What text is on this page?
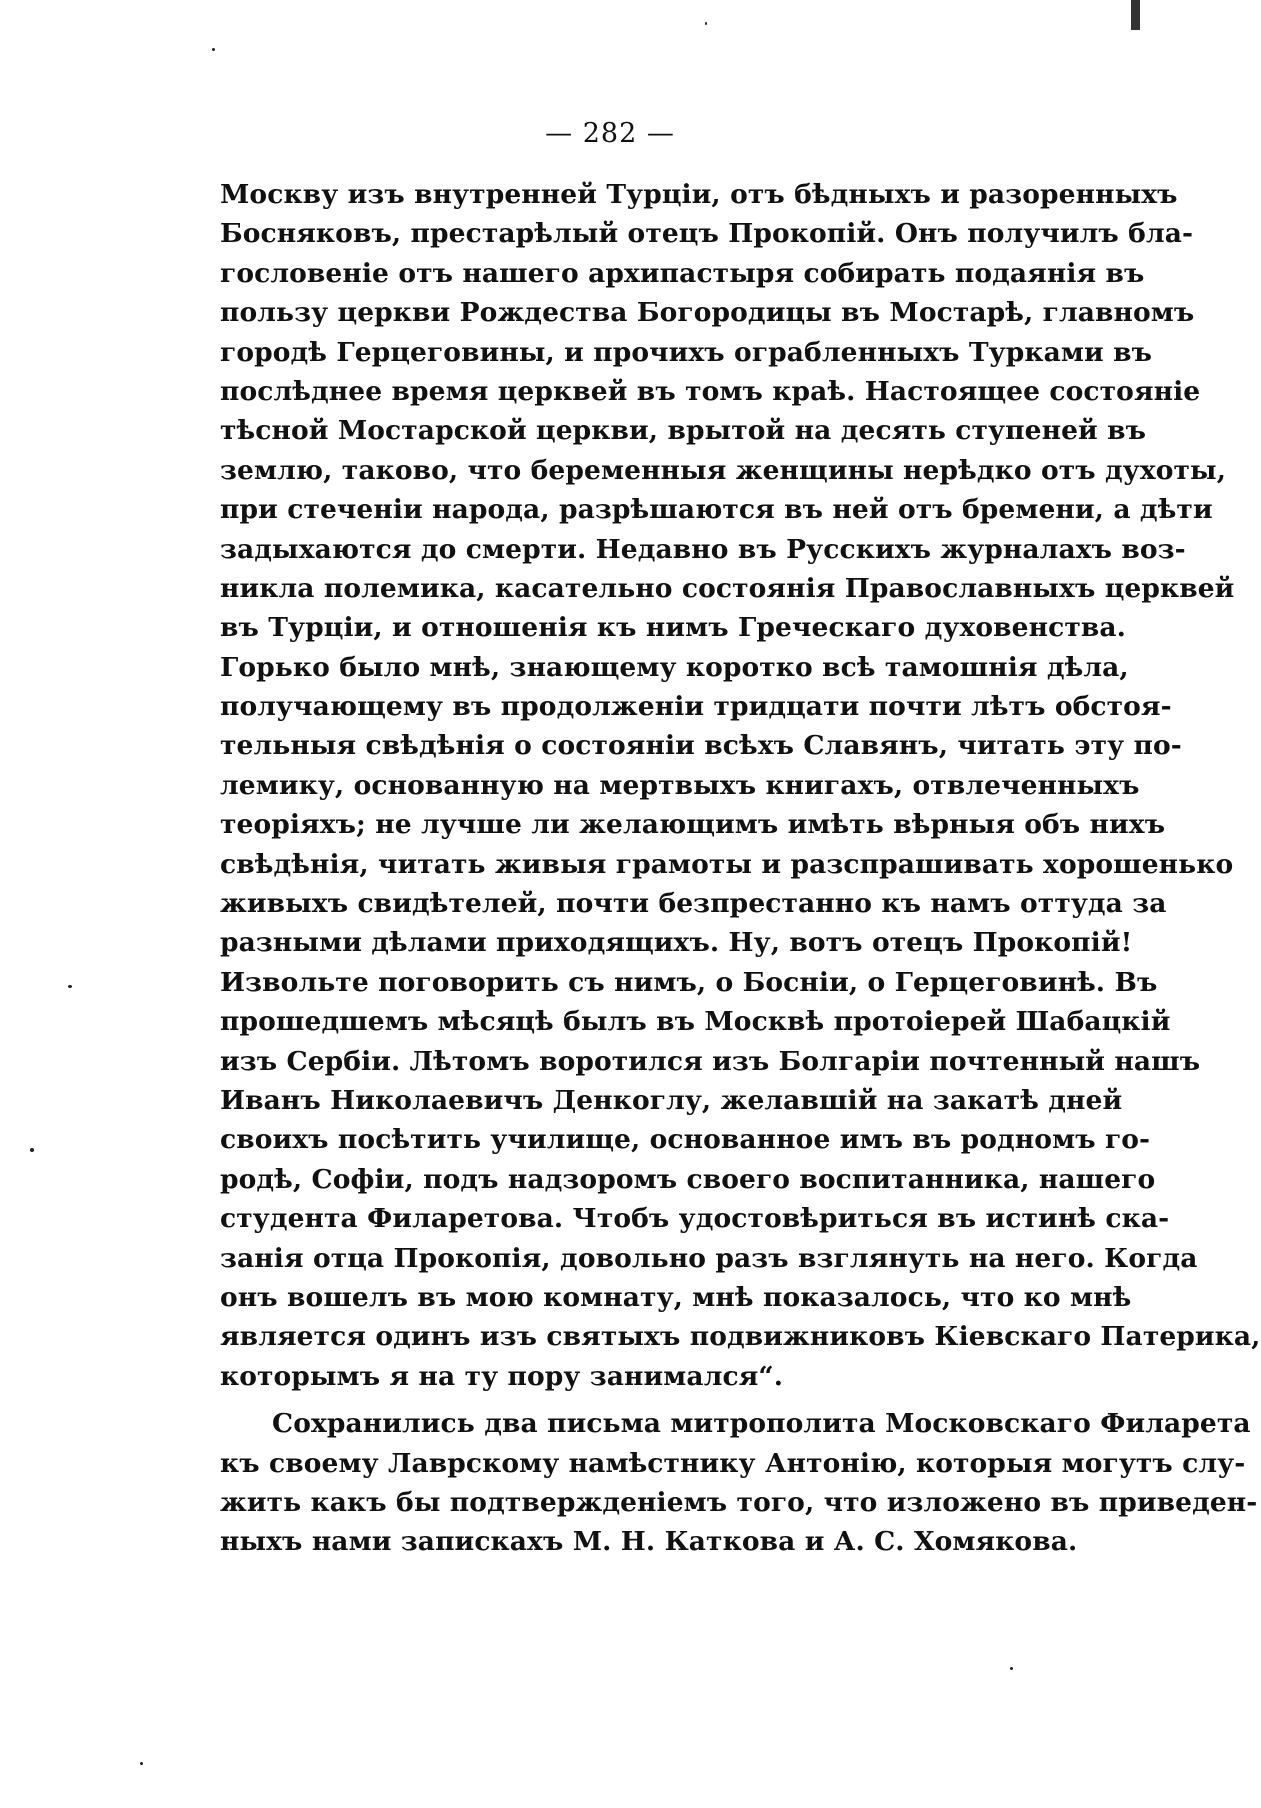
— 282 —
Москву изъ внутренней Турціи, отъ бѣдныхъ и разоренныхъ
Босняковъ, престарѣлый отецъ Прокопій. Онъ получилъ бла-
гословеніе отъ нашего архипастыря собирать подаянія въ
пользу церкви Рождества Богородицы въ Мостарѣ, главномъ
городѣ Герцеговины, и прочихъ ограбленныхъ Турками въ
послѣднее время церквей въ томъ краѣ. Настоящее состояніе
тѣсной Мостарской церкви, врытой на десять ступеней въ
землю, таково, что беременныя женщины нерѣдко отъ духоты,
при стеченіи народа, разрѣшаются въ ней отъ бремени, а дѣти
задыхаются до смерти. Недавно въ Русскихъ журналахъ воз-
никла полемика, касательно состоянія Православныхъ церквей
въ Турціи, и отношенія къ нимъ Греческаго духовенства.
Горько было мнѣ, знающему коротко всѣ тамошнія дѣла,
получающему въ продолженіи тридцати почти лѣтъ обстоя-
тельныя свѣдѣнія о состояніи всѣхъ Славянъ, читать эту по-
лемику, основанную на мертвыхъ книгахъ, отвлеченныхъ
теоріяхъ; не лучше ли желающимъ имѣть вѣрныя объ нихъ
свѣдѣнія, читать живыя грамоты и разспрашивать хорошенько
живыхъ свидѣтелей, почти безпрестанно къ намъ оттуда за
разными дѣлами приходящихъ. Ну, вотъ отецъ Прокопій!
Извольте поговорить съ нимъ, о Босніи, о Герцеговинѣ. Въ
прошедшемъ мѣсяцѣ былъ въ Москвѣ протоіерей Шабацкій
изъ Сербіи. Лѣтомъ воротился изъ Болгаріи почтенный нашъ
Иванъ Николаевичъ Денкоглу, желавшій на закатѣ дней
своихъ посѣтить училище, основанное имъ въ родномъ го-
родѣ, Софіи, подъ надзоромъ своего воспитанника, нашего
студента Филаретова. Чтобъ удостовѣриться въ истинѣ ска-
занія отца Прокопія, довольно разъ взглянуть на него. Когда
онъ вошелъ въ мою комнату, мнѣ показалось, что ко мнѣ
является одинъ изъ святыхъ подвижниковъ Кіевскаго Патерика,
которымъ я на ту пору занимался“.
Сохранились два письма митрополита Московскаго Филарета
къ своему Лаврскому намѣстнику Антонію, которыя могутъ слу-
жить какъ бы подтвержденіемъ того, что изложено въ приведен-
ныхъ нами запискахъ М. Н. Каткова и А. С. Хомякова.
